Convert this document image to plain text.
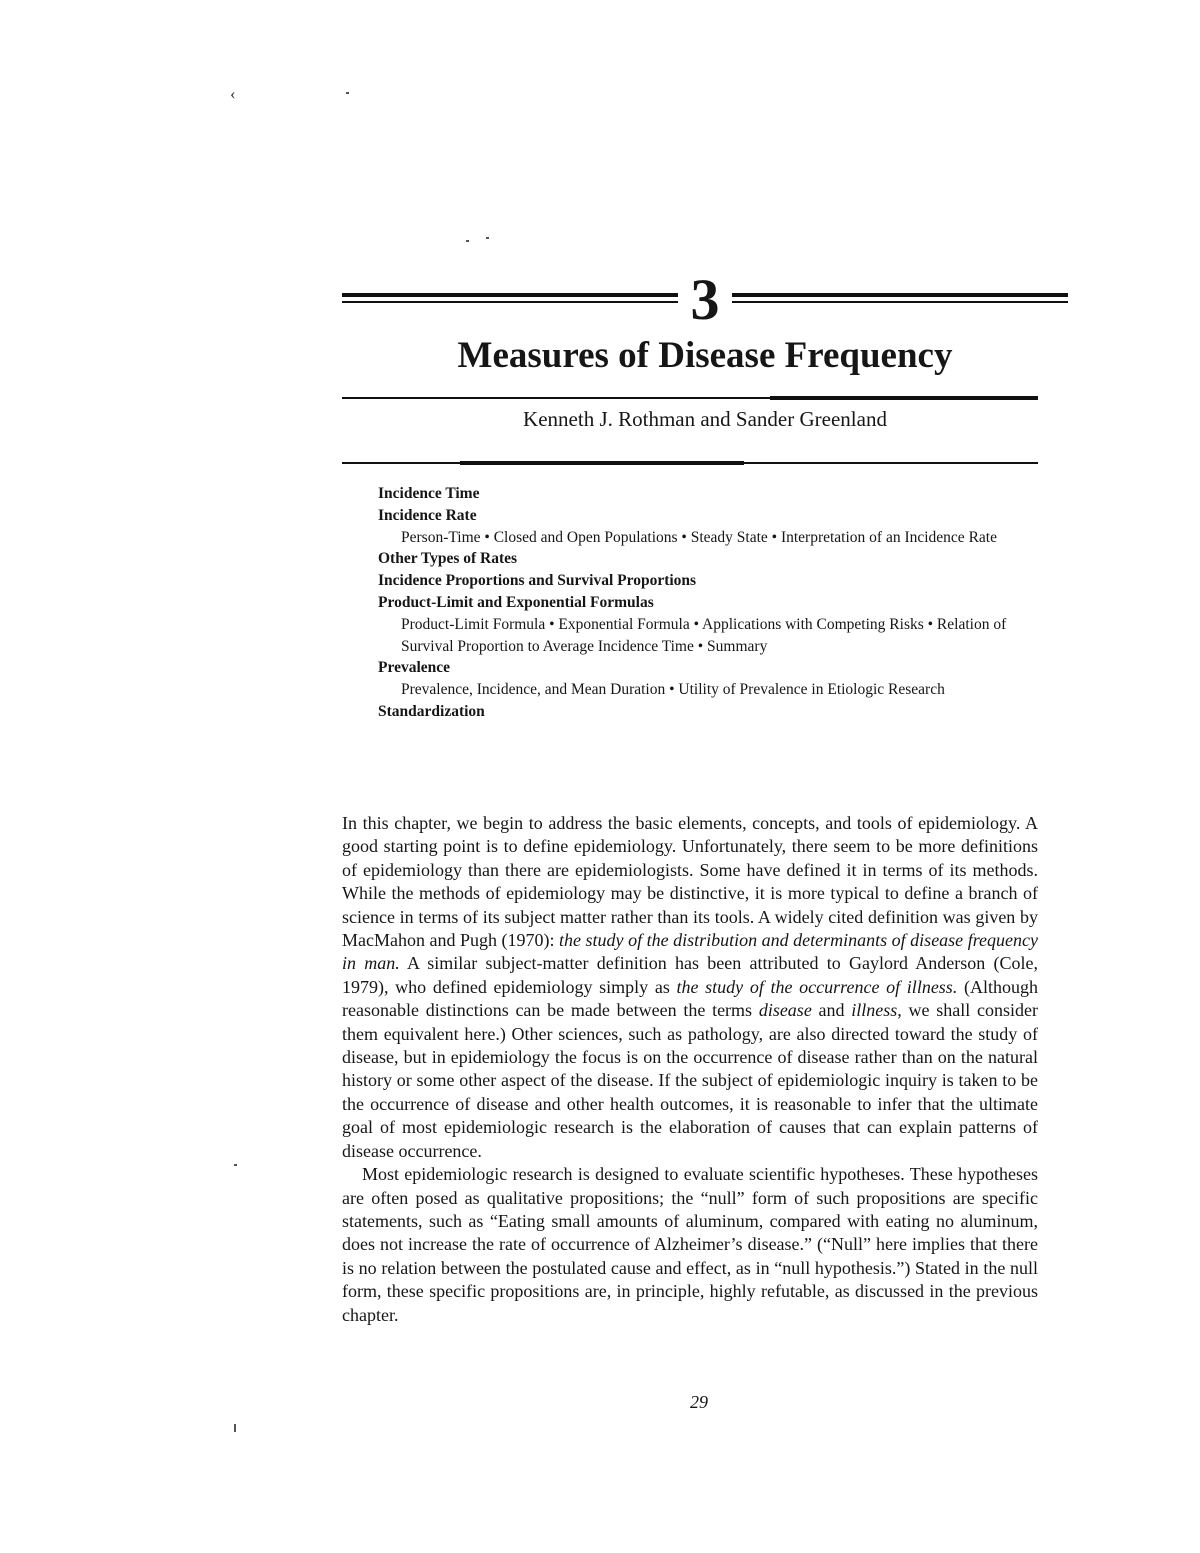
‹
3
Measures of Disease Frequency
Kenneth J. Rothman and Sander Greenland
Incidence Time
Incidence Rate
Person-Time • Closed and Open Populations • Steady State • Interpretation of an Incidence Rate
Other Types of Rates
Incidence Proportions and Survival Proportions
Product-Limit and Exponential Formulas
Product-Limit Formula • Exponential Formula • Applications with Competing Risks • Relation of Survival Proportion to Average Incidence Time • Summary
Prevalence
Prevalence, Incidence, and Mean Duration • Utility of Prevalence in Etiologic Research
Standardization

In this chapter, we begin to address the basic elements, concepts, and tools of epidemiology. A good starting point is to define epidemiology. Unfortunately, there seem to be more definitions of epidemiology than there are epidemiologists. Some have defined it in terms of its methods. While the methods of epidemiology may be distinctive, it is more typical to define a branch of science in terms of its subject matter rather than its tools. A widely cited definition was given by MacMahon and Pugh (1970): the study of the distribution and determinants of disease frequency in man. A similar subject-matter definition has been attributed to Gaylord Anderson (Cole, 1979), who defined epidemiology simply as the study of the occurrence of illness. (Although reasonable distinctions can be made between the terms disease and illness, we shall consider them equivalent here.) Other sciences, such as pathology, are also directed toward the study of disease, but in epidemiology the focus is on the occurrence of disease rather than on the natural history or some other aspect of the disease. If the subject of epidemiologic inquiry is taken to be the occurrence of disease and other health outcomes, it is reasonable to infer that the ultimate goal of most epidemiologic research is the elaboration of causes that can explain patterns of disease occurrence.

Most epidemiologic research is designed to evaluate scientific hypotheses. These hypotheses are often posed as qualitative propositions; the “null” form of such propositions are specific statements, such as “Eating small amounts of aluminum, compared with eating no aluminum, does not increase the rate of occurrence of Alzheimer’s disease.” (“Null” here implies that there is no relation between the postulated cause and effect, as in “null hypothesis.”) Stated in the null form, these specific propositions are, in principle, highly refutable, as discussed in the previous chapter.

29
